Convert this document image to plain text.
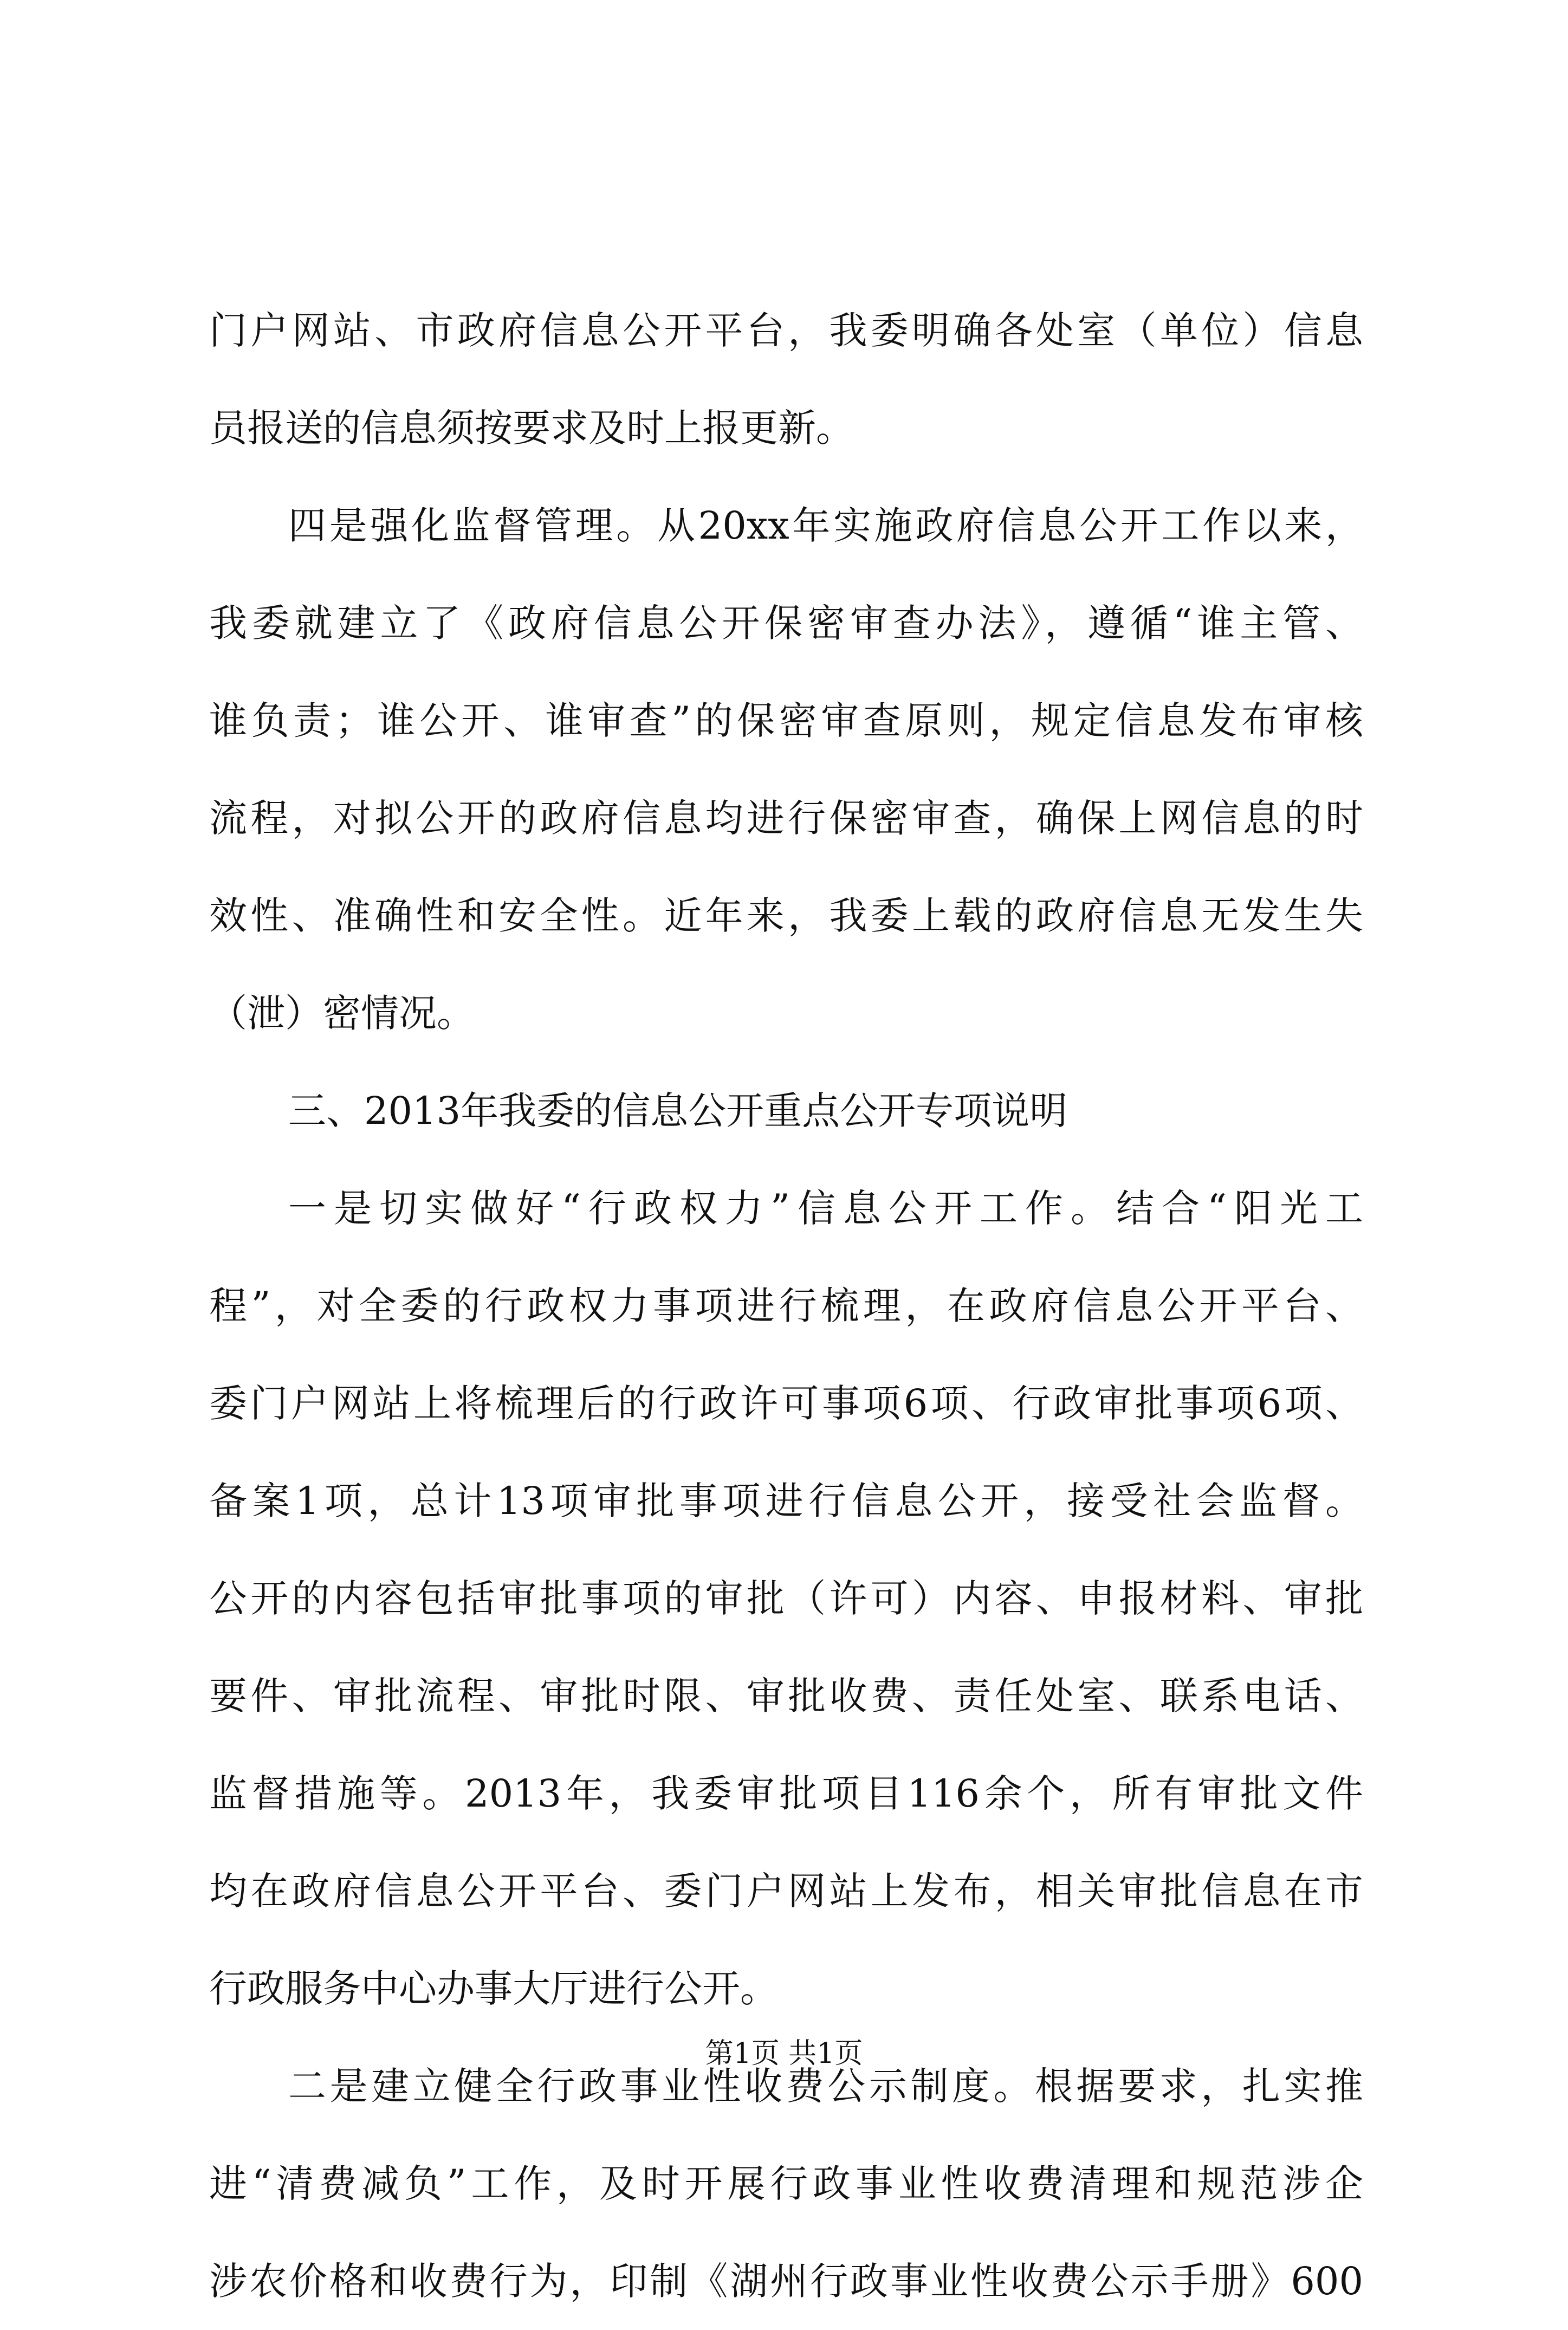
门户网站、市政府信息公开平台，我委明确各处室（单位）信息
员报送的信息须按要求及时上报更新。
四是强化监督管理。从20xx年实施政府信息公开工作以来，
我委就建立了《政府信息公开保密审查办法》，遵循“谁主管、
谁负责；谁公开、谁审查”的保密审查原则，规定信息发布审核
流程，对拟公开的政府信息均进行保密审查，确保上网信息的时
效性、准确性和安全性。近年来，我委上载的政府信息无发生失
（泄）密情况。
三、2013年我委的信息公开重点公开专项说明
一是切实做好“行政权力”信息公开工作。结合“阳光工
程”，对全委的行政权力事项进行梳理，在政府信息公开平台、
委门户网站上将梳理后的行政许可事项6项、行政审批事项6项、
备案1项，总计13项审批事项进行信息公开，接受社会监督。
公开的内容包括审批事项的审批（许可）内容、申报材料、审批
要件、审批流程、审批时限、审批收费、责任处室、联系电话、
监督措施等。2013年，我委审批项目116余个，所有审批文件
均在政府信息公开平台、委门户网站上发布，相关审批信息在市
行政服务中心办事大厅进行公开。
二是建立健全行政事业性收费公示制度。根据要求，扎实推
进“清费减负”工作，及时开展行政事业性收费清理和规范涉企
涉农价格和收费行为，印制《湖州行政事业性收费公示手册》600
第1页 共1页
